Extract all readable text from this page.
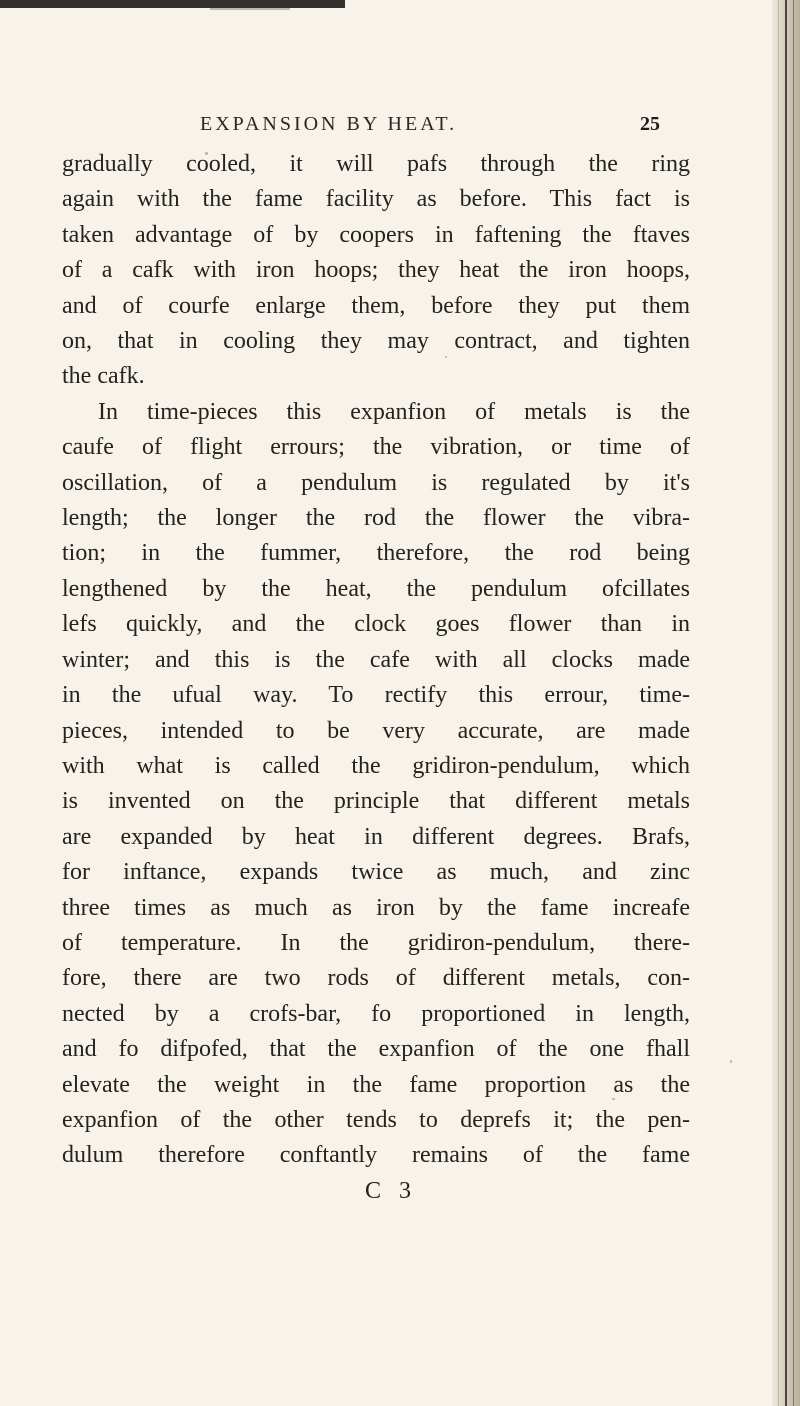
EXPANSION BY HEAT.	25
gradually cooled, it will pafs through the ring
again with the fame facility as before. This fact is
taken advantage of by coopers in faftening the ftaves
of a cafk with iron hoops; they heat the iron hoops,
and of courfe enlarge them, before they put them
on, that in cooling they may contract, and tighten
the cafk.
In time-pieces this expanfion of metals is the
caufe of flight errours; the vibration, or time of
oscillation, of a pendulum is regulated by it's
length; the longer the rod the flower the vibra-
tion; in the fummer, therefore, the rod being
lengthened by the heat, the pendulum ofcillates
lefs quickly, and the clock goes flower than in
winter; and this is the cafe with all clocks made
in the ufual way. To rectify this errour, time-
pieces, intended to be very accurate, are made
with what is called the gridiron-pendulum, which
is invented on the principle that different metals
are expanded by heat in different degrees. Brafs,
for inftance, expands twice as much, and zinc
three times as much as iron by the fame increafe
of temperature. In the gridiron-pendulum, there-
fore, there are two rods of different metals, con-
nected by a crofs-bar, fo proportioned in length,
and fo difpofed, that the expanfion of the one fhall
elevate the weight in the fame proportion as the
expanfion of the other tends to deprefs it; the pen-
dulum therefore conftantly remains of the fame
C 3
